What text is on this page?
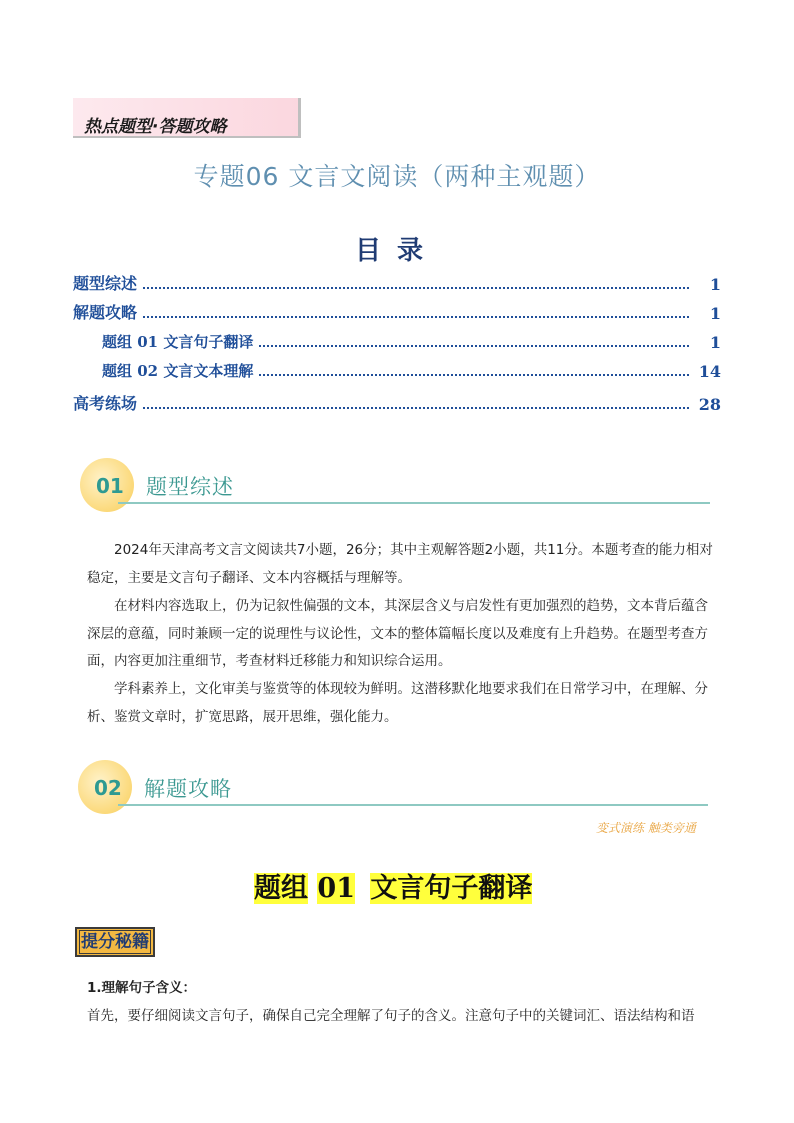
热点题型·答题攻略
专题06 文言文阅读（两种主观题）
目录
题型综述	1
解题攻略	1
题组 01 文言句子翻译	1
题组 02 文言文本理解	14
高考练场	28
01 题型综述
2024年天津高考文言文阅读共7小题，26分；其中主观解答题2小题，共11分。本题考查的能力相对稳定，主要是文言句子翻译、文本内容概括与理解等。
在材料内容选取上，仍为记叙性偏强的文本，其深层含义与启发性有更加强烈的趋势，文本背后蕴含深层的意蕴，同时兼顾一定的说理性与议论性，文本的整体篇幅长度以及难度有上升趋势。在题型考查方面，内容更加注重细节，考查材料迁移能力和知识综合运用。
学科素养上，文化审美与鉴赏等的体现较为鲜明。这潜移默化地要求我们在日常学习中，在理解、分析、鉴赏文章时，扩宽思路，展开思维，强化能力。
02 解题攻略
变式演练 触类旁通
题组 01 文言句子翻译
提分秘籍
1.理解句子含义：
首先，要仔细阅读文言句子，确保自己完全理解了句子的含义。注意句子中的关键词汇、语法结构和语
